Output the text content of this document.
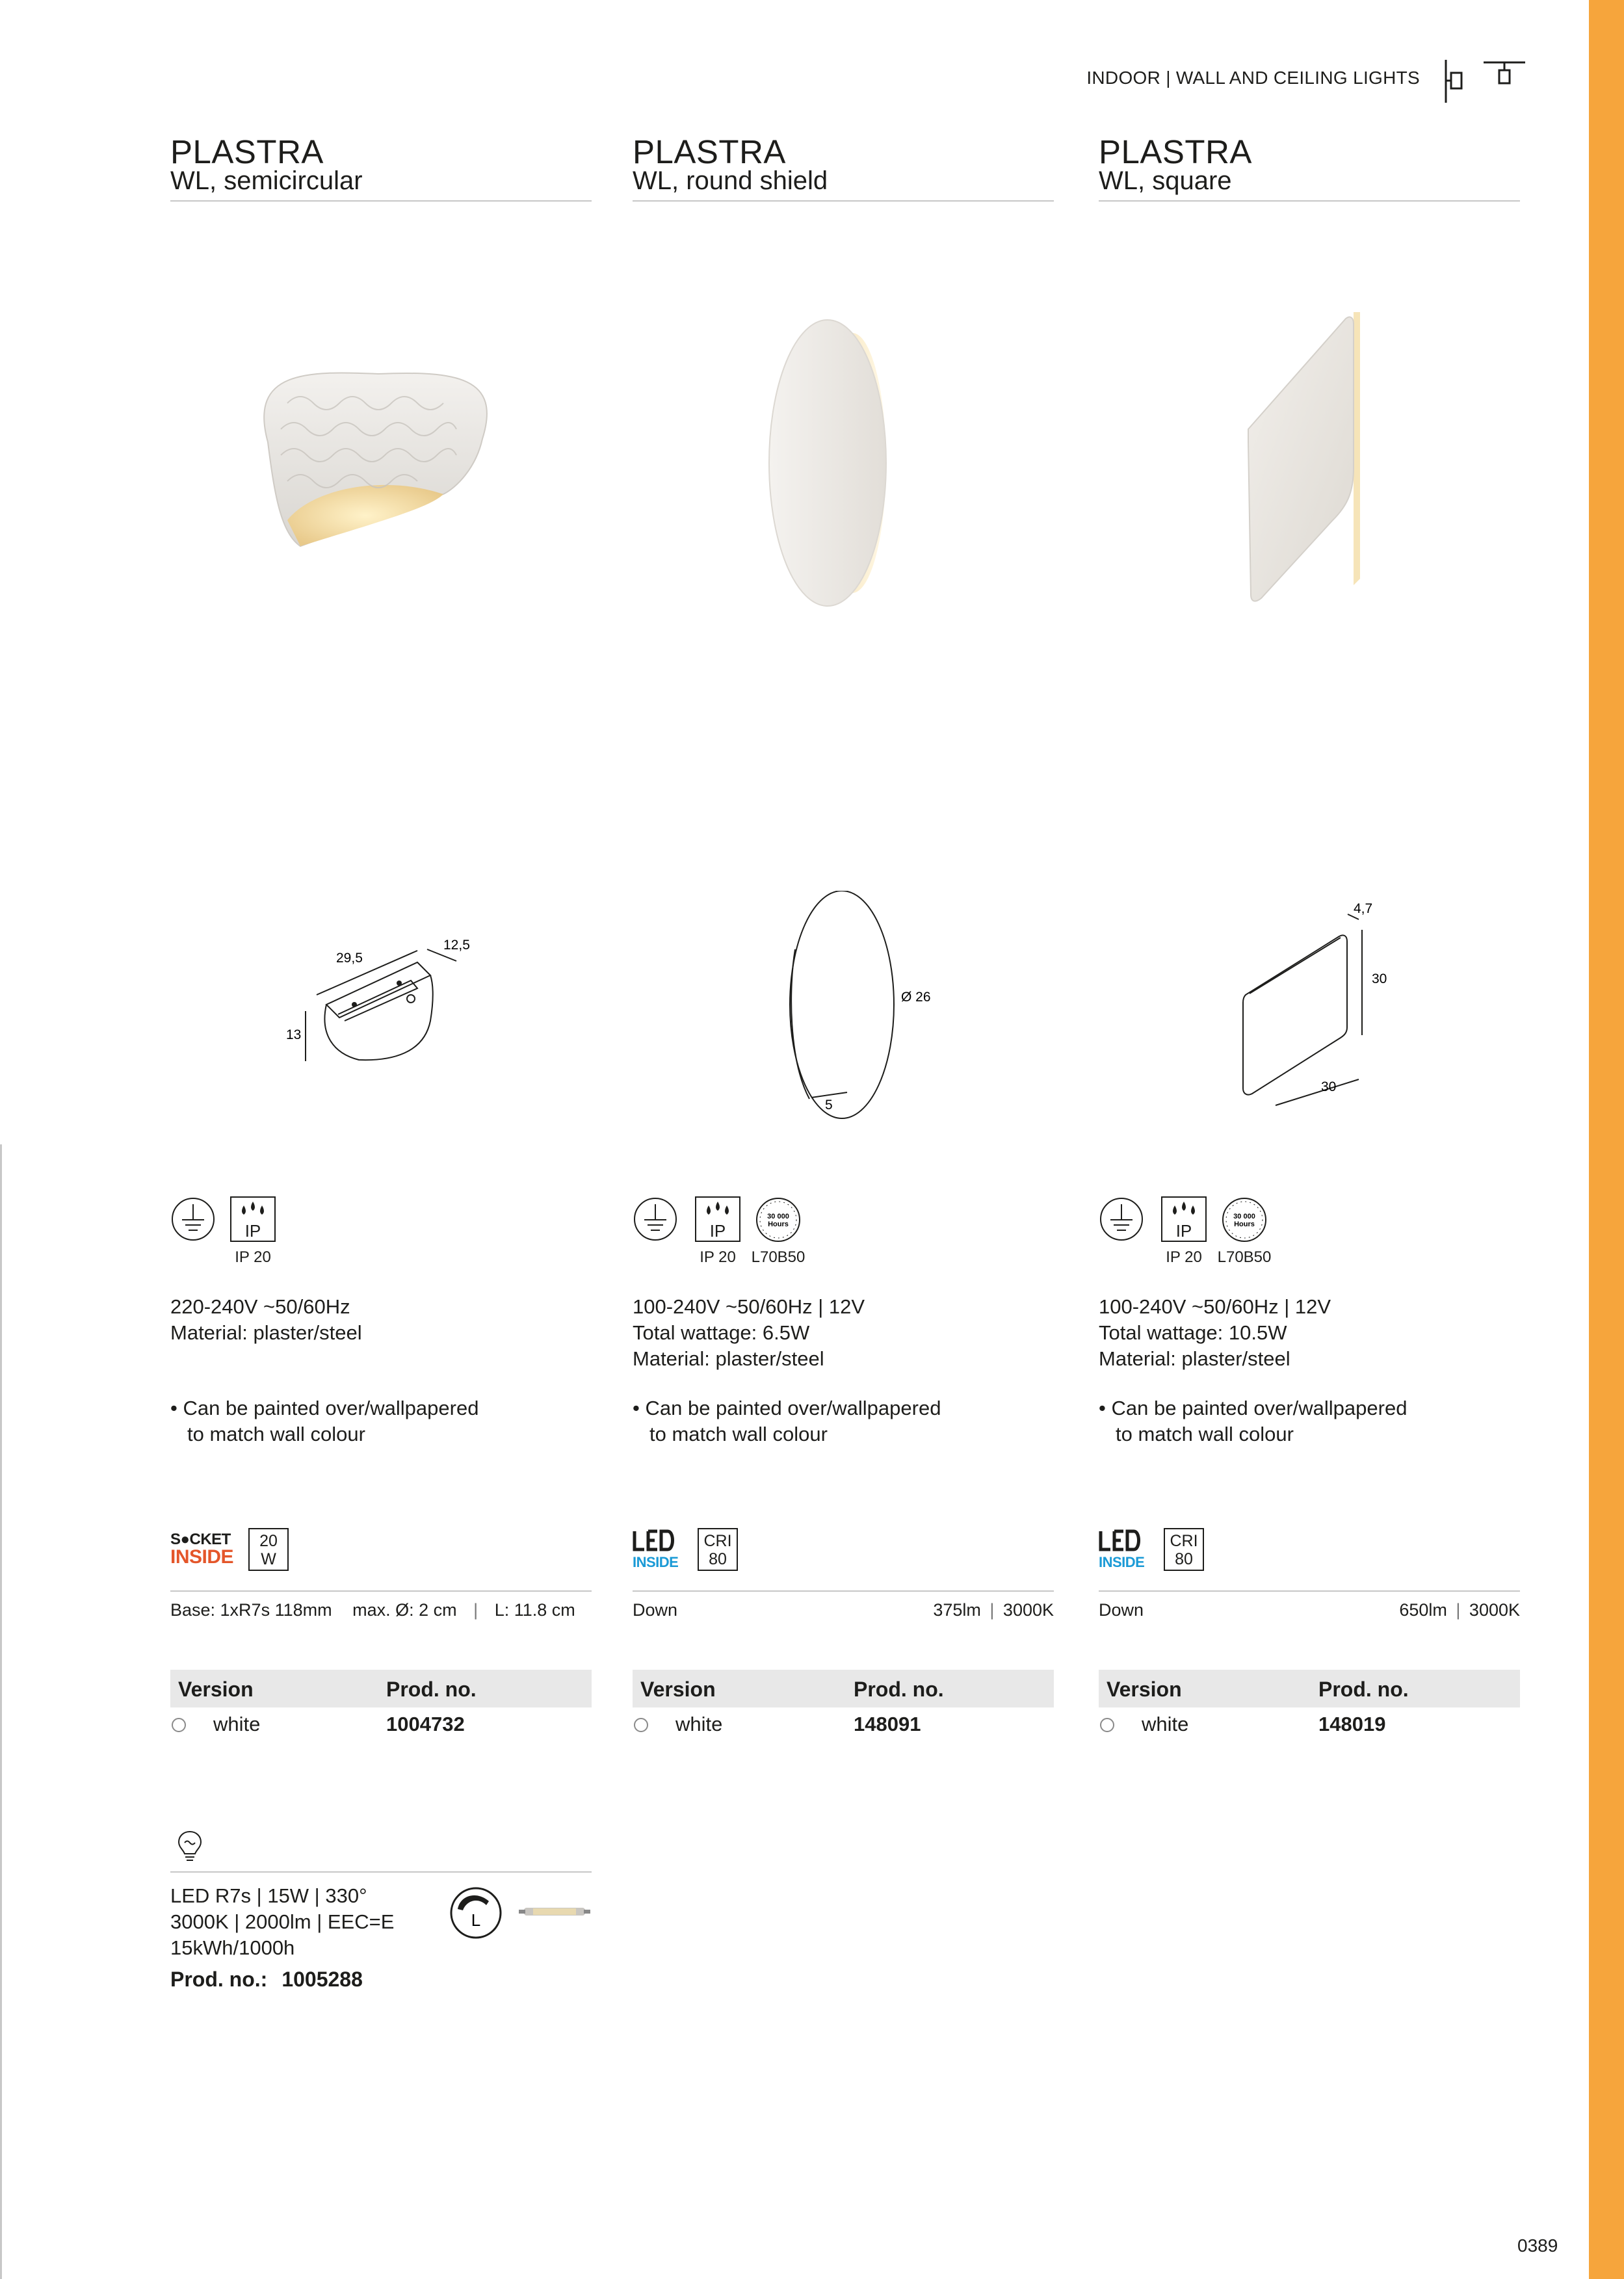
INDOOR | WALL AND CEILING LIGHTS
PLASTRA
WL, semicircular
29,5
12,5
13
IP
IP 20
220-240V ~50/60Hz
Material: plaster/steel
• Can be painted over/wallpapered
to match wall colour
S●CKET
INSIDE
20
W
Base: 1xR7s 118mm max. Ø: 2 cm | L: 11.8 cm
Version	Prod. no.
white	1004732
PLASTRA
WL, round shield
Ø 26
5
IP
IP 20
30 000
Hours
L70B50
100-240V ~50/60Hz | 12V
Total wattage: 6.5W
Material: plaster/steel
• Can be painted over/wallpapered
to match wall colour
INSIDE
CRI
80
Down	375lm | 3000K
Version	Prod. no.
white	148091
PLASTRA
WL, square
4,7
30
30
IP
IP 20
30 000
Hours
L70B50
100-240V ~50/60Hz | 12V
Total wattage: 10.5W
Material: plaster/steel
• Can be painted over/wallpapered
to match wall colour
INSIDE
CRI
80
Down	650lm | 3000K
Version	Prod. no.
white	148019
LED R7s | 15W | 330°
3000K | 2000lm | EEC=E
15kWh/1000h
Prod. no.: 1005288
L
0389
